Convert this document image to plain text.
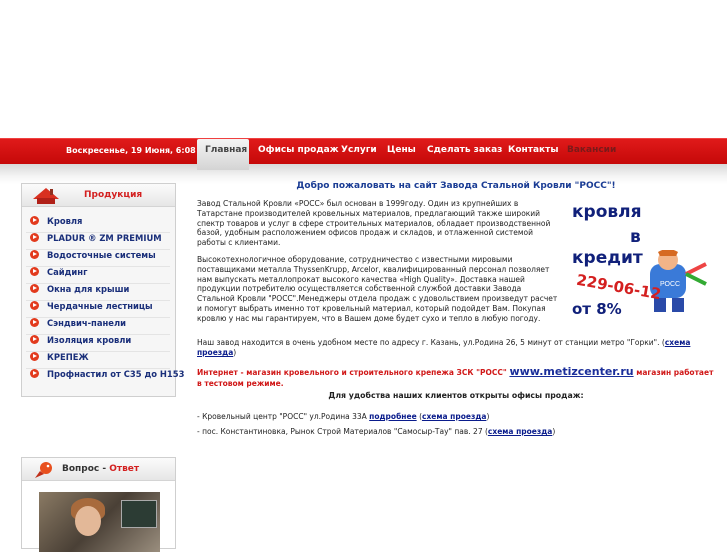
Воскресенье, 19 Июня, 6:08 Главная Офисы продаж Услуги Цены Сделать заказ Контакты Вакансии
Продукция
Кровля
PLADUR ® ZM PREMIUM
Водосточные системы
Сайдинг
Окна для крыши
Чердачные лестницы
Сэндвич-панели
Изоляция кровли
КРЕПЕЖ
Профнастил от С35 до Н153
Вопрос - Ответ
Добро пожаловать на сайт Завода Стальной Кровли "РОСС"!
Завод Стальной Кровли «РОСС» был основан в 1999году. Один из крупнейших в Татарстане производителей кровельных материалов, предлагающий также широкий спектр товаров и услуг в сфере строительных материалов, обладает производственной базой, удобным расположением офисов продаж и складов, и отлаженной системой работы с клиентами.
Высокотехнологичное оборудование, сотрудничество с известными мировыми поставщиками металла ThyssenKrupp, Arcelor, квалифицированный персонал позволяет нам выпускать металлопрокат высокого качества «High Quality». Доставка нашей продукции потребителю осуществляется собственной службой доставки Завода Стальной Кровли "РОСС".Менеджеры отдела продаж с удовольствием произведут расчет и помогут выбрать именно тот кровельный материал, который подойдет Вам. Покупая кровлю у нас мы гарантируем, что в Вашем доме будет сухо и тепло в любую погоду.
Наш завод находится в очень удобном месте по адресу г. Казань, ул.Родина 26, 5 минут от станции метро "Горки". (схема проезда)
Интернет - магазин кровельного и строительного крепежа ЗСК "РОСС" www.metizcenter.ru магазин работает в тестовом режиме.
Для удобства наших клиентов открыты офисы продаж:
- Кровельный центр "РОСС" ул.Родина 33А подробнее (схема проезда)
- пос. Константиновка, Рынок Строй Материалов "Самосыр-Тау" пав. 27 (схема проезда)
кровля
в
кредит
РОСС
229-06-12
от 8%
